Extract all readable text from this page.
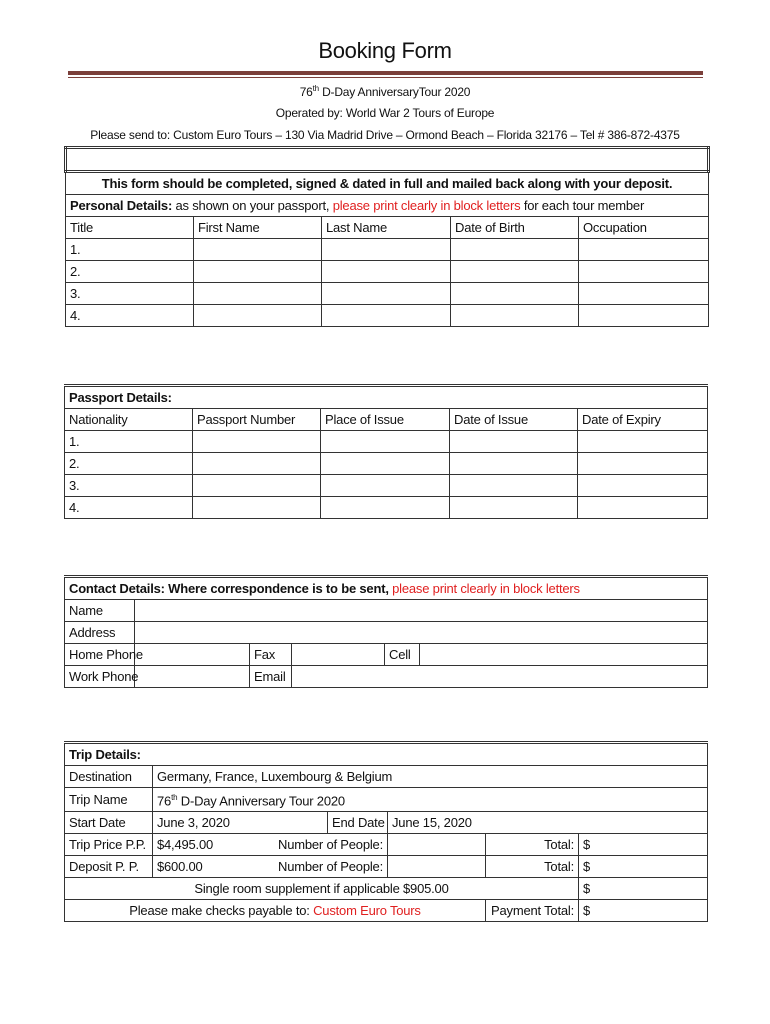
Booking Form
76th D-Day AnniversaryTour 2020
Operated by: World War 2 Tours of Europe
Please send to: Custom Euro Tours – 130 Via Madrid Drive – Ormond Beach – Florida 32176 – Tel # 386-872-4375

This form should be completed, signed & dated in full and mailed back along with your deposit.				
Personal Details: as shown on your passport, please print clearly in block letters for each tour member				
Title	First Name	Last Name	Date of Birth	Occupation
1.				
2.				
3.				
4.				
Passport Details:				
Nationality	Passport Number	Place of Issue	Date of Issue	Date of Expiry
1.				
2.				
3.				
4.				
Contact Details: Where correspondence is to be sent, please print clearly in block letters					
Name					
Address					
Home Phone		Fax		Cell	
Work Phone		Email			
Trip Details:					
Destination	Germany, France, Luxembourg & Belgium				
Trip Name	76th D-Day Anniversary Tour 2020				
Start Date	June 3, 2020	End Date	June 15, 2020		
Trip Price P.P.	$4,495.00 Number of People:			Total:	$
Deposit P. P.	$600.00 Number of People:			Total:	$
Single room supplement if applicable $905.00					$
Please make checks payable to: Custom Euro Tours				Payment Total:	$
